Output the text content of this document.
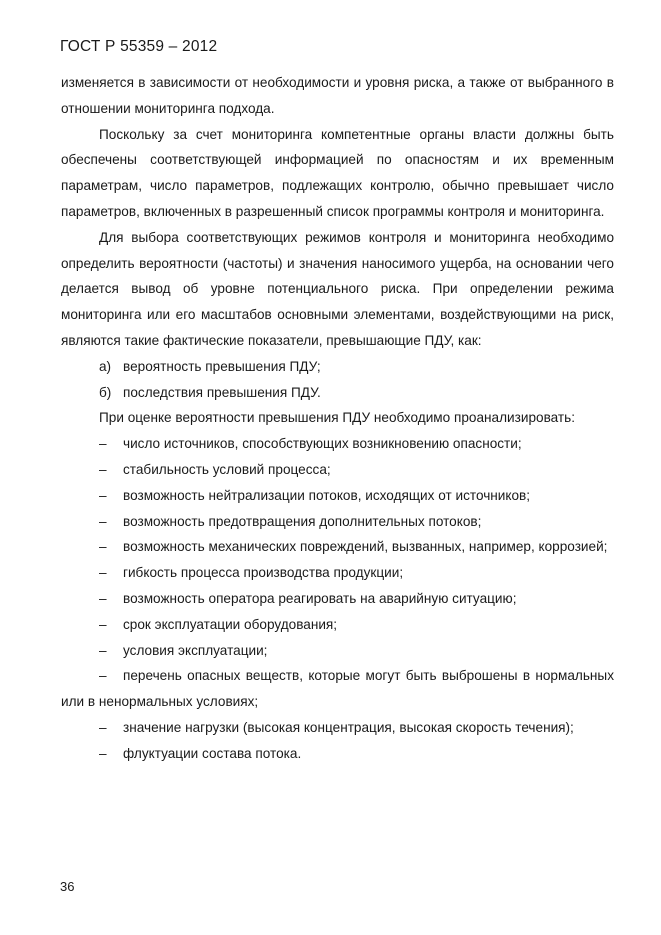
ГОСТ Р 55359 – 2012

изменяется в зависимости от необходимости и уровня риска, а также от выбранного в отношении мониторинга подхода.

Поскольку за счет мониторинга компетентные органы власти должны быть обеспечены соответствующей информацией по опасностям и их временным параметрам, число параметров, подлежащих контролю, обычно превышает число параметров, включенных в разрешенный список программы контроля и мониторинга.

Для выбора соответствующих режимов контроля и мониторинга необходимо определить вероятности (частоты) и значения наносимого ущерба, на основании чего делается вывод об уровне потенциального риска. При определении режима мониторинга или его масштабов основными элементами, воздействующими на риск, являются такие фактические показатели, превышающие ПДУ, как:

а) вероятность превышения ПДУ;

б) последствия превышения ПДУ.

При оценке вероятности превышения ПДУ необходимо проанализировать:

– число источников, способствующих возникновению опасности;

– стабильность условий процесса;

– возможность нейтрализации потоков, исходящих от источников;

– возможность предотвращения дополнительных потоков;

– возможность механических повреждений, вызванных, например, коррозией;

– гибкость процесса производства продукции;

– возможность оператора реагировать на аварийную ситуацию;

– срок эксплуатации оборудования;

– условия эксплуатации;

– перечень опасных веществ, которые могут быть выброшены в нормальных или в ненормальных условиях;

– значение нагрузки (высокая концентрация, высокая скорость течения);

– флуктуации состава потока.

36
